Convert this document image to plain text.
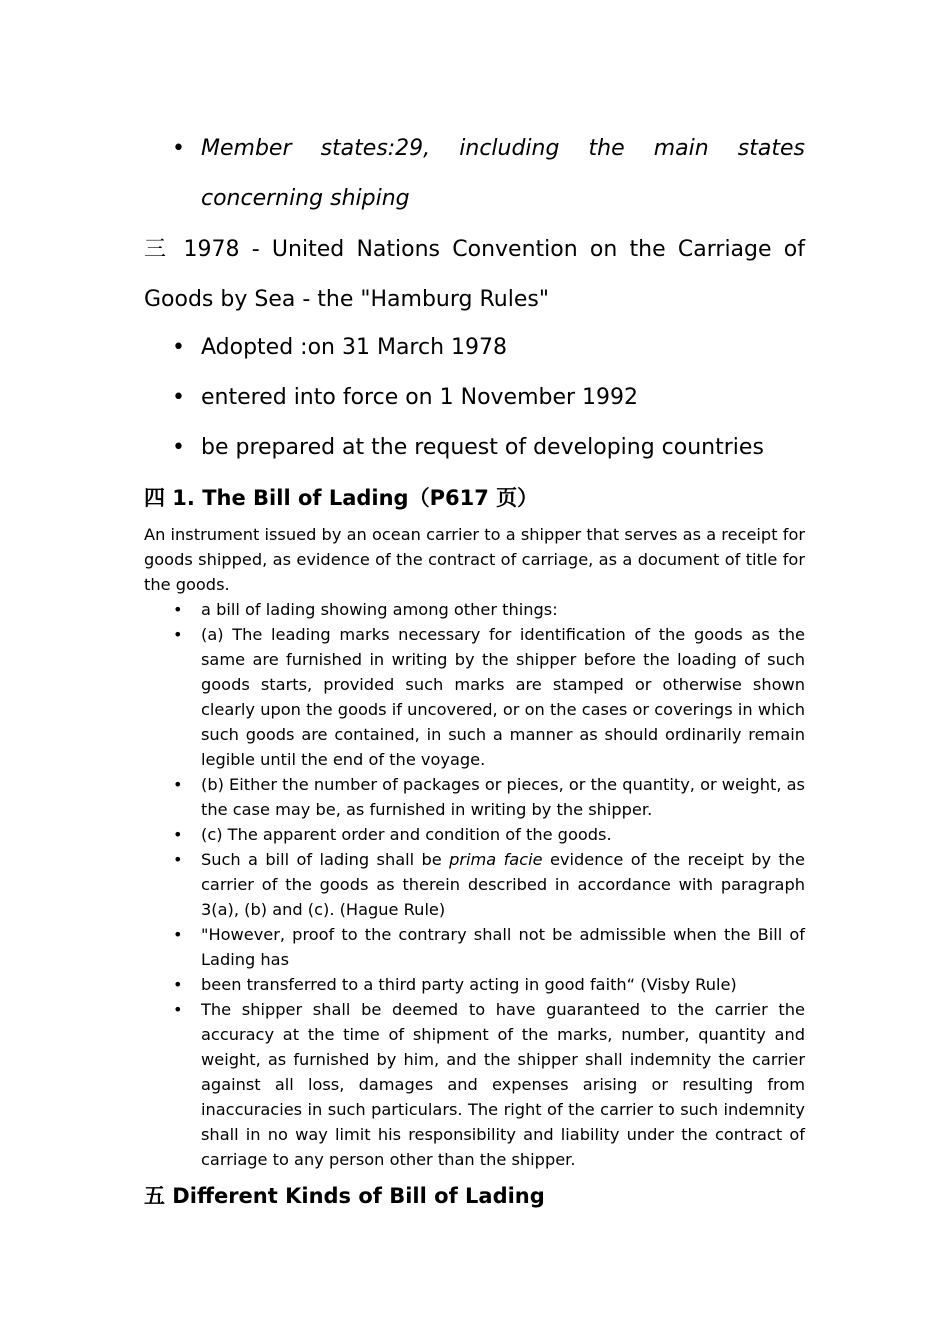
• Member states:29, including the main states concerning shiping

三 1978 - United Nations Convention on the Carriage of Goods by Sea - the "Hamburg Rules"

• Adopted :on 31 March 1978
• entered into force on 1 November 1992
• be prepared at the request of developing countries
四 1. The Bill of Lading（P617 页）

An instrument issued by an ocean carrier to a shipper that serves as a receipt for goods shipped, as evidence of the contract of carriage, as a document of title for the goods.

• a bill of lading showing among other things:
• (a) The leading marks necessary for identification of the goods as the same are furnished in writing by the shipper before the loading of such goods starts, provided such marks are stamped or otherwise shown clearly upon the goods if uncovered, or on the cases or coverings in which such goods are contained, in such a manner as should ordinarily remain legible until the end of the voyage.
• (b) Either the number of packages or pieces, or the quantity, or weight, as the case may be, as furnished in writing by the shipper.
• (c) The apparent order and condition of the goods.
• Such a bill of lading shall be prima facie evidence of the receipt by the carrier of the goods as therein described in accordance with paragraph 3(a), (b) and (c). (Hague Rule)
• "However, proof to the contrary shall not be admissible when the Bill of Lading has
• been transferred to a third party acting in good faith“ (Visby Rule)
• The shipper shall be deemed to have guaranteed to the carrier the accuracy at the time of shipment of the marks, number, quantity and weight, as furnished by him, and the shipper shall indemnity the carrier against all loss, damages and expenses arising or resulting from inaccuracies in such particulars. The right of the carrier to such indemnity shall in no way limit his responsibility and liability under the contract of carriage to any person other than the shipper.
五 Different Kinds of Bill of Lading
